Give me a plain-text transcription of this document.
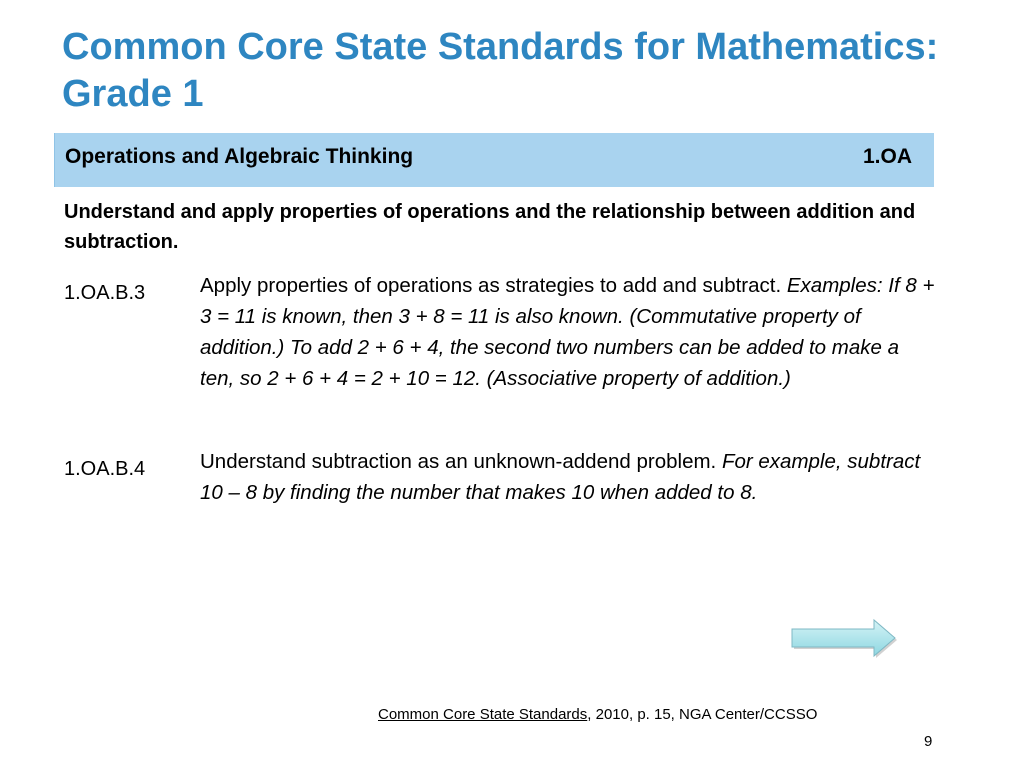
Common Core State Standards for Mathematics: Grade 1
Operations and Algebraic Thinking	1.OA
Understand and apply properties of operations and the relationship between addition and subtraction.
1.OA.B.3	Apply properties of operations as strategies to add and subtract. Examples: If 8 + 3 = 11 is known, then 3 + 8 = 11 is also known. (Commutative property of addition.) To add 2 + 6 + 4, the second two numbers can be added to make a ten, so 2 + 6 + 4 = 2 + 10 = 12. (Associative property of addition.)
1.OA.B.4	Understand subtraction as an unknown-addend problem. For example, subtract 10 – 8 by finding the number that makes 10 when added to 8.
Common Core State Standards, 2010, p. 15, NGA Center/CCSSO
9
